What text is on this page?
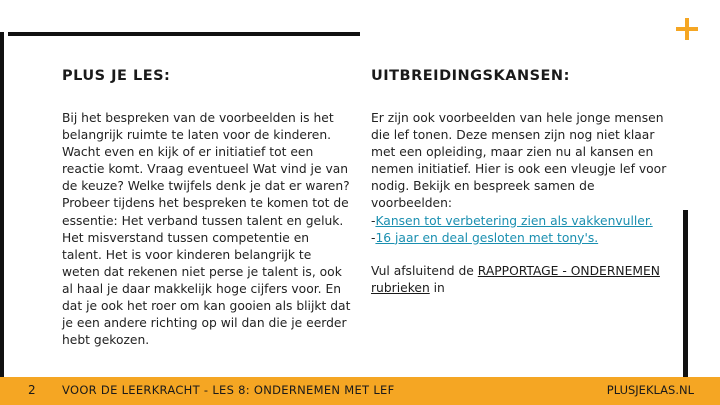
PLUS JE LES:

Bij het bespreken van de voorbeelden is het belangrijk ruimte te laten voor de kinderen. Wacht even en kijk of er initiatief tot een reactie komt. Vraag eventueel Wat vind je van de keuze? Welke twijfels denk je dat er waren? Probeer tijdens het bespreken te komen tot de essentie: Het verband tussen talent en geluk. Het misverstand tussen competentie en talent. Het is voor kinderen belangrijk te weten dat rekenen niet perse je talent is, ook al haal je daar makkelijk hoge cijfers voor. En dat je ook het roer om kan gooien als blijkt dat je een andere richting op wil dan die je eerder hebt gekozen.

UITBREIDINGSKANSEN:
Er zijn ook voorbeelden van hele jonge mensen die lef tonen. Deze mensen zijn nog niet klaar met een opleiding, maar zien nu al kansen en nemen initiatief. Hier is ook een vleugje lef voor nodig. Bekijk en bespreek samen de voorbeelden:
-Kansen tot verbetering zien als vakkenvuller.
-16 jaar en deal gesloten met tony's.

Vul afsluitend de RAPPORTAGE - ONDERNEMEN rubrieken in

2 VOOR DE LEERKRACHT - LES 8: ONDERNEMEN MET LEF	PLUSJEKLAS.NL
